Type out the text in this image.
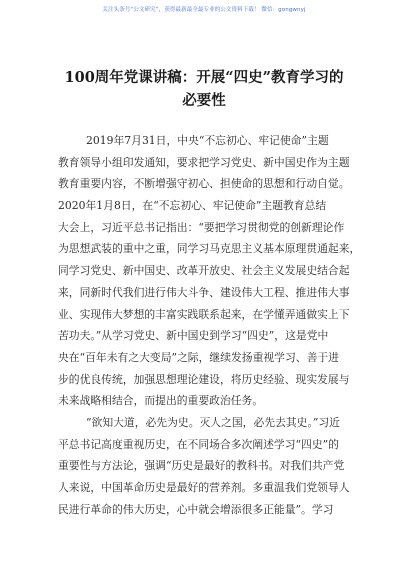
关注头条号“公文研究”，获得最新最全最专业的公文资料下载！ 微信：gongwnyj
100周年党课讲稿：开展“四史”教育学习的
必要性
2019年7月31日，中央“不忘初心、牢记使命”主题
教育领导小组印发通知，要求把学习党史、新中国史作为主题
教育重要内容，不断增强守初心、担使命的思想和行动自觉。
2020年1月8日，在“不忘初心、牢记使命”主题教育总结
大会上，习近平总书记指出：“要把学习贯彻党的创新理论作
为思想武装的重中之重，同学习马克思主义基本原理贯通起来，
同学习党史、新中国史、改革开放史、社会主义发展史结合起
来，同新时代我们进行伟大斗争、建设伟大工程、推进伟大事
业、实现伟大梦想的丰富实践联系起来，在学懂弄通做实上下
苦功夫。”从学习党史、新中国史到学习“四史”，这是党中
央在“百年未有之大变局”之际，继续发扬重视学习、善于进
步的优良传统，加强思想理论建设，将历史经验、现实发展与
未来战略相结合，而提出的重要政治任务。
“欲知大道，必先为史。灭人之国，必先去其史。”习近
平总书记高度重视历史，在不同场合多次阐述学习“四史”的
重要性与方法论，强调“历史是最好的教科书。对我们共产党
人来说，中国革命历史是最好的营养剂。多重温我们党领导人
民进行革命的伟大历史，心中就会增添很多正能量”。学习
